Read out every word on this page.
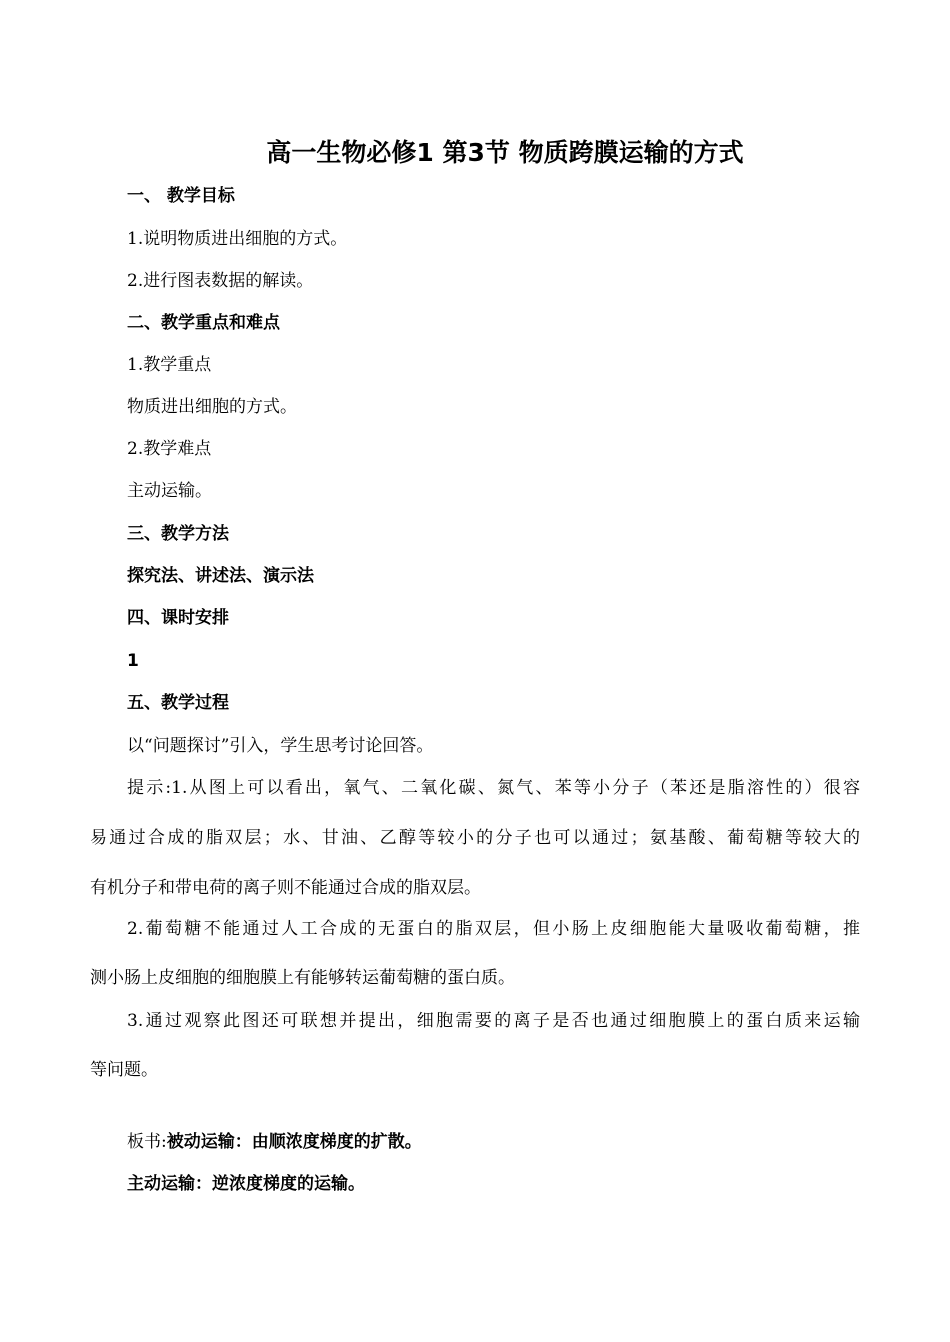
高一生物必修1 第3节 物质跨膜运输的方式
一、 教学目标
1.说明物质进出细胞的方式。
2.进行图表数据的解读。
二、教学重点和难点
1.教学重点
物质进出细胞的方式。
2.教学难点
主动运输。
三、教学方法
探究法、讲述法、演示法
四、课时安排
1
五、教学过程
以“问题探讨”引入，学生思考讨论回答。
提示:1.从图上可以看出，氧气、二氧化碳、氮气、苯等小分子（苯还是脂溶性的）很容
易通过合成的脂双层；水、甘油、乙醇等较小的分子也可以通过；氨基酸、葡萄糖等较大的
有机分子和带电荷的离子则不能通过合成的脂双层。
2.葡萄糖不能通过人工合成的无蛋白的脂双层，但小肠上皮细胞能大量吸收葡萄糖，推
测小肠上皮细胞的细胞膜上有能够转运葡萄糖的蛋白质。
3.通过观察此图还可联想并提出，细胞需要的离子是否也通过细胞膜上的蛋白质来运输
等问题。
板书:被动运输：由顺浓度梯度的扩散。
主动运输：逆浓度梯度的运输。
